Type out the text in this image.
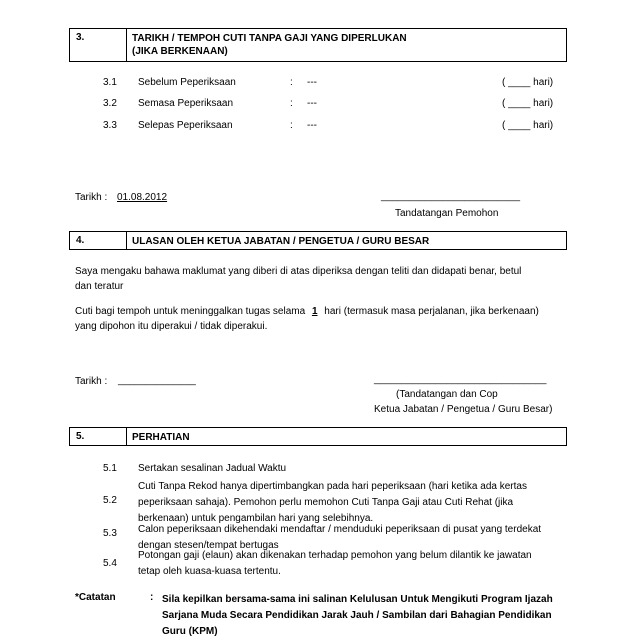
3.	TARIKH / TEMPOH CUTI TANPA GAJI YANG DIPERLUKAN
(JIKA BERKENAAN)
3.1 Sebelum Peperiksaan	: ---	( ____ hari)
3.2 Semasa Peperiksaan	: ---	( ____ hari)
3.3 Selepas Peperiksaan	: ---	( ____ hari)
Tarikh : 01.08.2012	_________________________
Tandatangan Pemohon
4.	ULASAN OLEH KETUA JABATAN / PENGETUA / GURU BESAR
Saya mengaku bahawa maklumat yang diberi di atas diperiksa dengan teliti dan didapati benar, betul
dan teratur
Cuti bagi tempoh untuk meninggalkan tugas selama 1 hari (termasuk masa perjalanan, jika berkenaan)
yang dipohon itu diperakui / tidak diperakui.
Tarikh : ______________	_______________________________
(Tandatangan dan Cop
Ketua Jabatan / Pengetua / Guru Besar)
5.	PERHATIAN
5.1 Sertakan sesalinan Jadual Waktu
5.2
Cuti Tanpa Rekod hanya dipertimbangkan pada hari peperiksaan (hari ketika ada kertas
peperiksaan sahaja). Pemohon perlu memohon Cuti Tanpa Gaji atau Cuti Rehat (jika
berkenaan) untuk pengambilan hari yang selebihnya.
5.3 Calon peperiksaan dikehendaki mendaftar / menduduki peperiksaan di pusat yang terdekat
dengan stesen/tempat bertugas
5.4
Potongan gaji (elaun) akan dikenakan terhadap pemohon yang belum dilantik ke jawatan
tetap oleh kuasa-kuasa tertentu.
*Catatan	: Sila kepilkan bersama-sama ini salinan Kelulusan Untuk Mengikuti Program Ijazah
Sarjana Muda Secara Pendidikan Jarak Jauh / Sambilan dari Bahagian Pendidikan
Guru (KPM)
